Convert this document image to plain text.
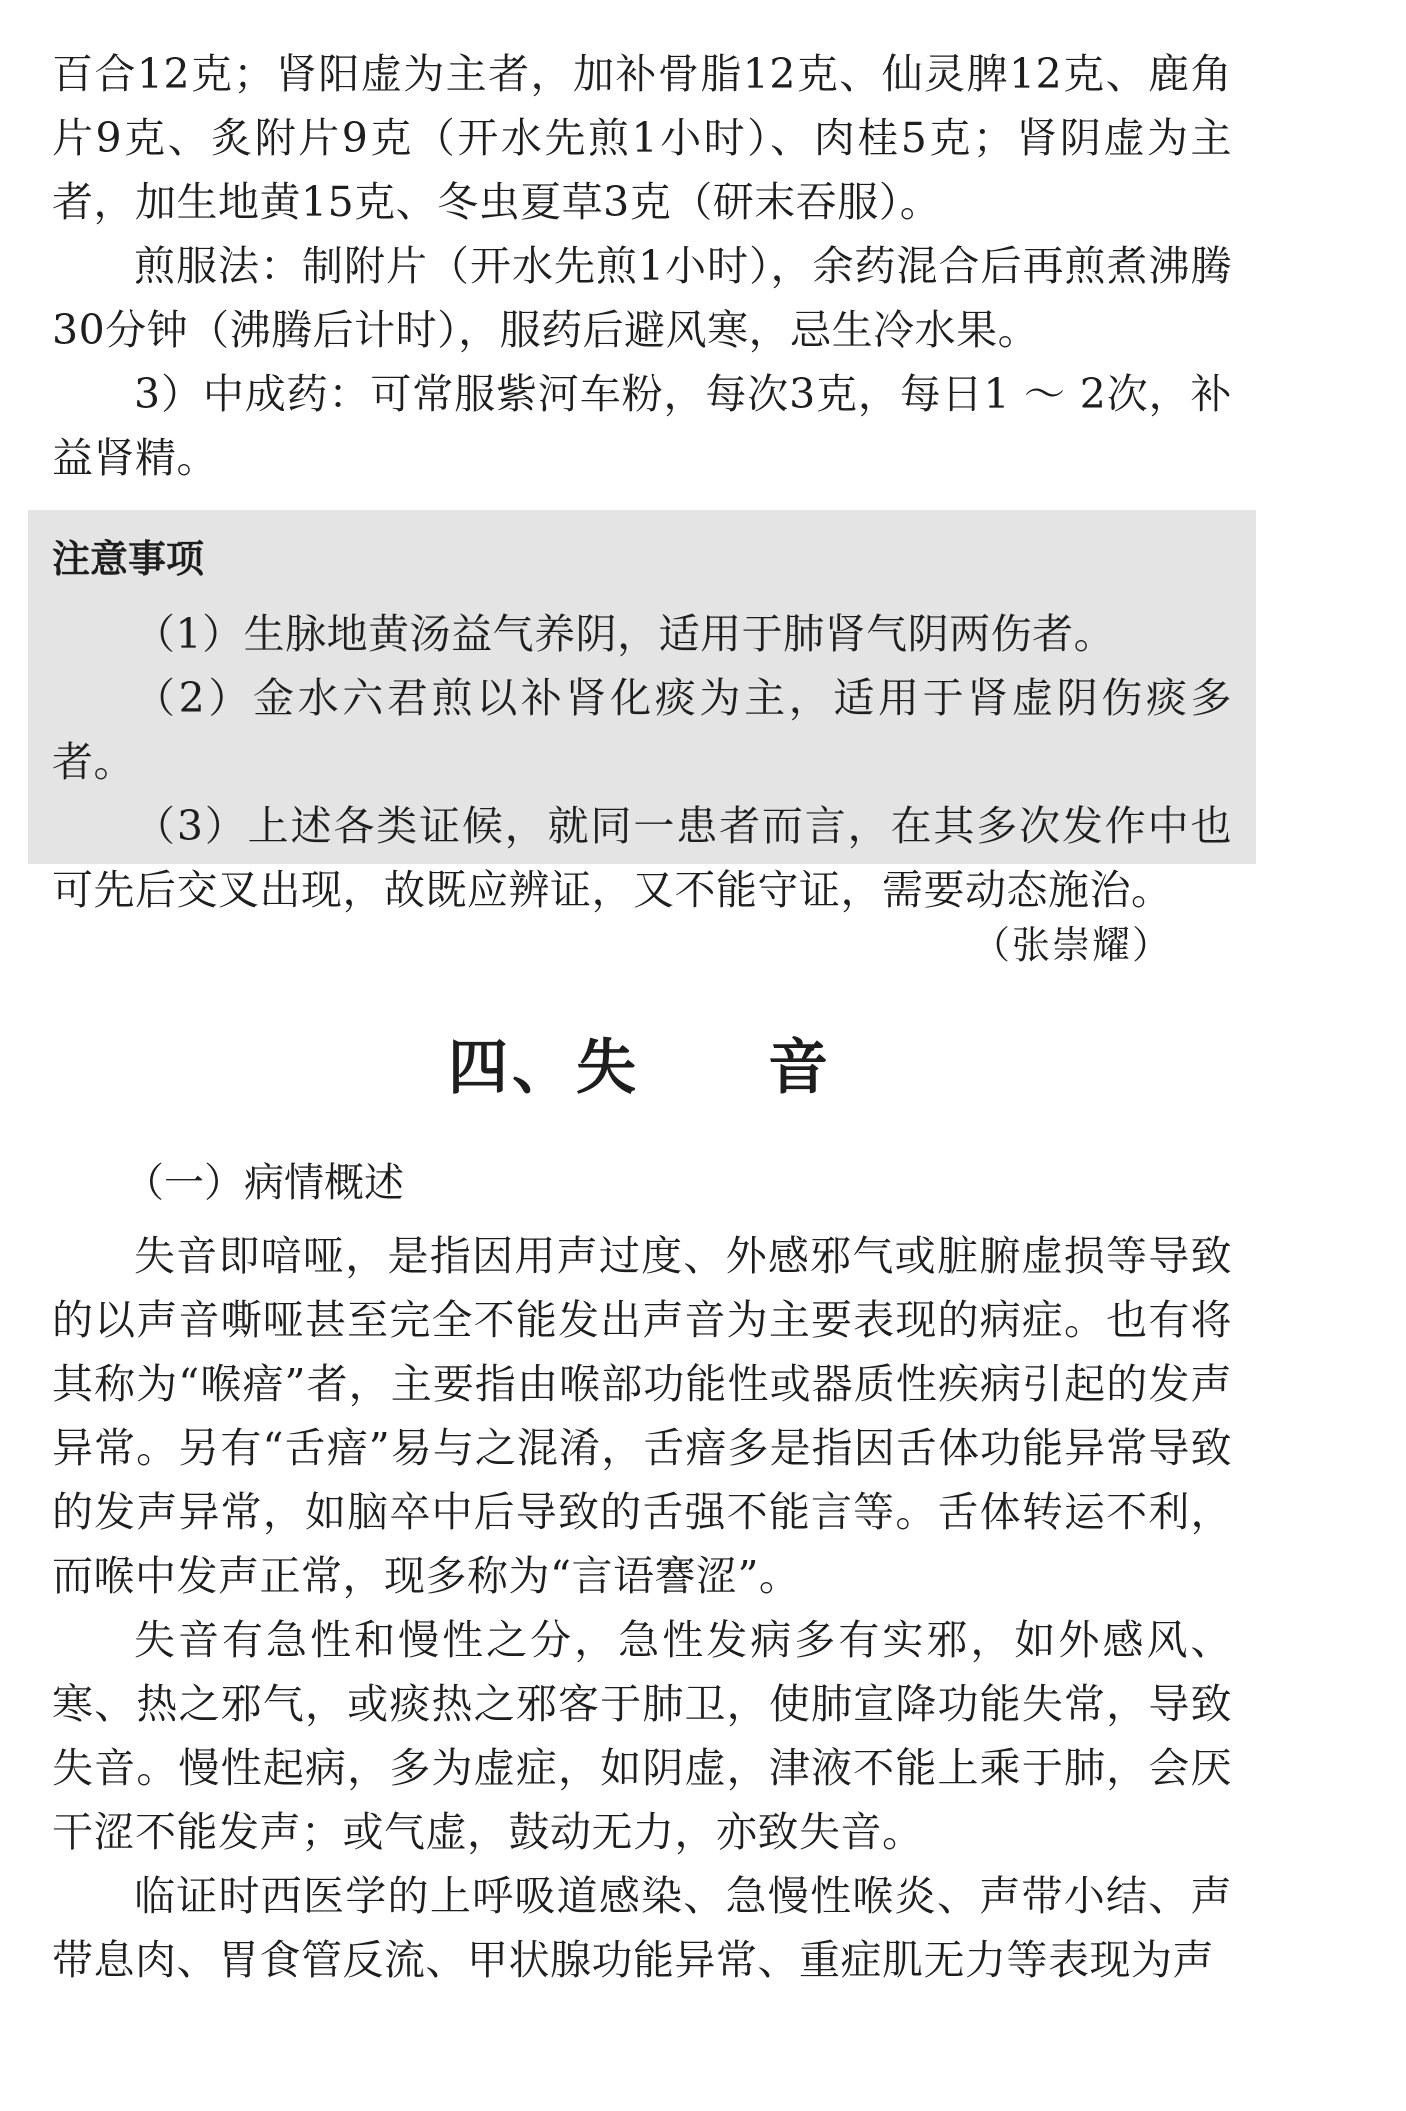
百合12克；肾阳虚为主者，加补骨脂12克、仙灵脾12克、鹿角片9克、炙附片9克（开水先煎1小时）、肉桂5克；肾阴虚为主者，加生地黄15克、冬虫夏草3克（研末吞服）。

煎服法：制附片（开水先煎1小时），余药混合后再煎煮沸腾30分钟（沸腾后计时），服药后避风寒，忌生冷水果。

3）中成药：可常服紫河车粉，每次3克，每日1 ～ 2次，补益肾精。

注意事项

（1）生脉地黄汤益气养阴，适用于肺肾气阴两伤者。

（2）金水六君煎以补肾化痰为主，适用于肾虚阴伤痰多者。

（3）上述各类证候，就同一患者而言，在其多次发作中也可先后交叉出现，故既应辨证，又不能守证，需要动态施治。

（张崇耀）
四、失　　音
（一）病情概述

失音即喑哑，是指因用声过度、外感邪气或脏腑虚损等导致的以声音嘶哑甚至完全不能发出声音为主要表现的病症。也有将其称为“喉瘖”者，主要指由喉部功能性或器质性疾病引起的发声异常。另有“舌瘖”易与之混淆，舌瘖多是指因舌体功能异常导致的发声异常，如脑卒中后导致的舌强不能言等。舌体转运不利，而喉中发声正常，现多称为“言语謇涩”。

失音有急性和慢性之分，急性发病多有实邪，如外感风、寒、热之邪气，或痰热之邪客于肺卫，使肺宣降功能失常，导致失音。慢性起病，多为虚症，如阴虚，津液不能上乘于肺，会厌干涩不能发声；或气虚，鼓动无力，亦致失音。

临证时西医学的上呼吸道感染、急慢性喉炎、声带小结、声带息肉、胃食管反流、甲状腺功能异常、重症肌无力等表现为声
